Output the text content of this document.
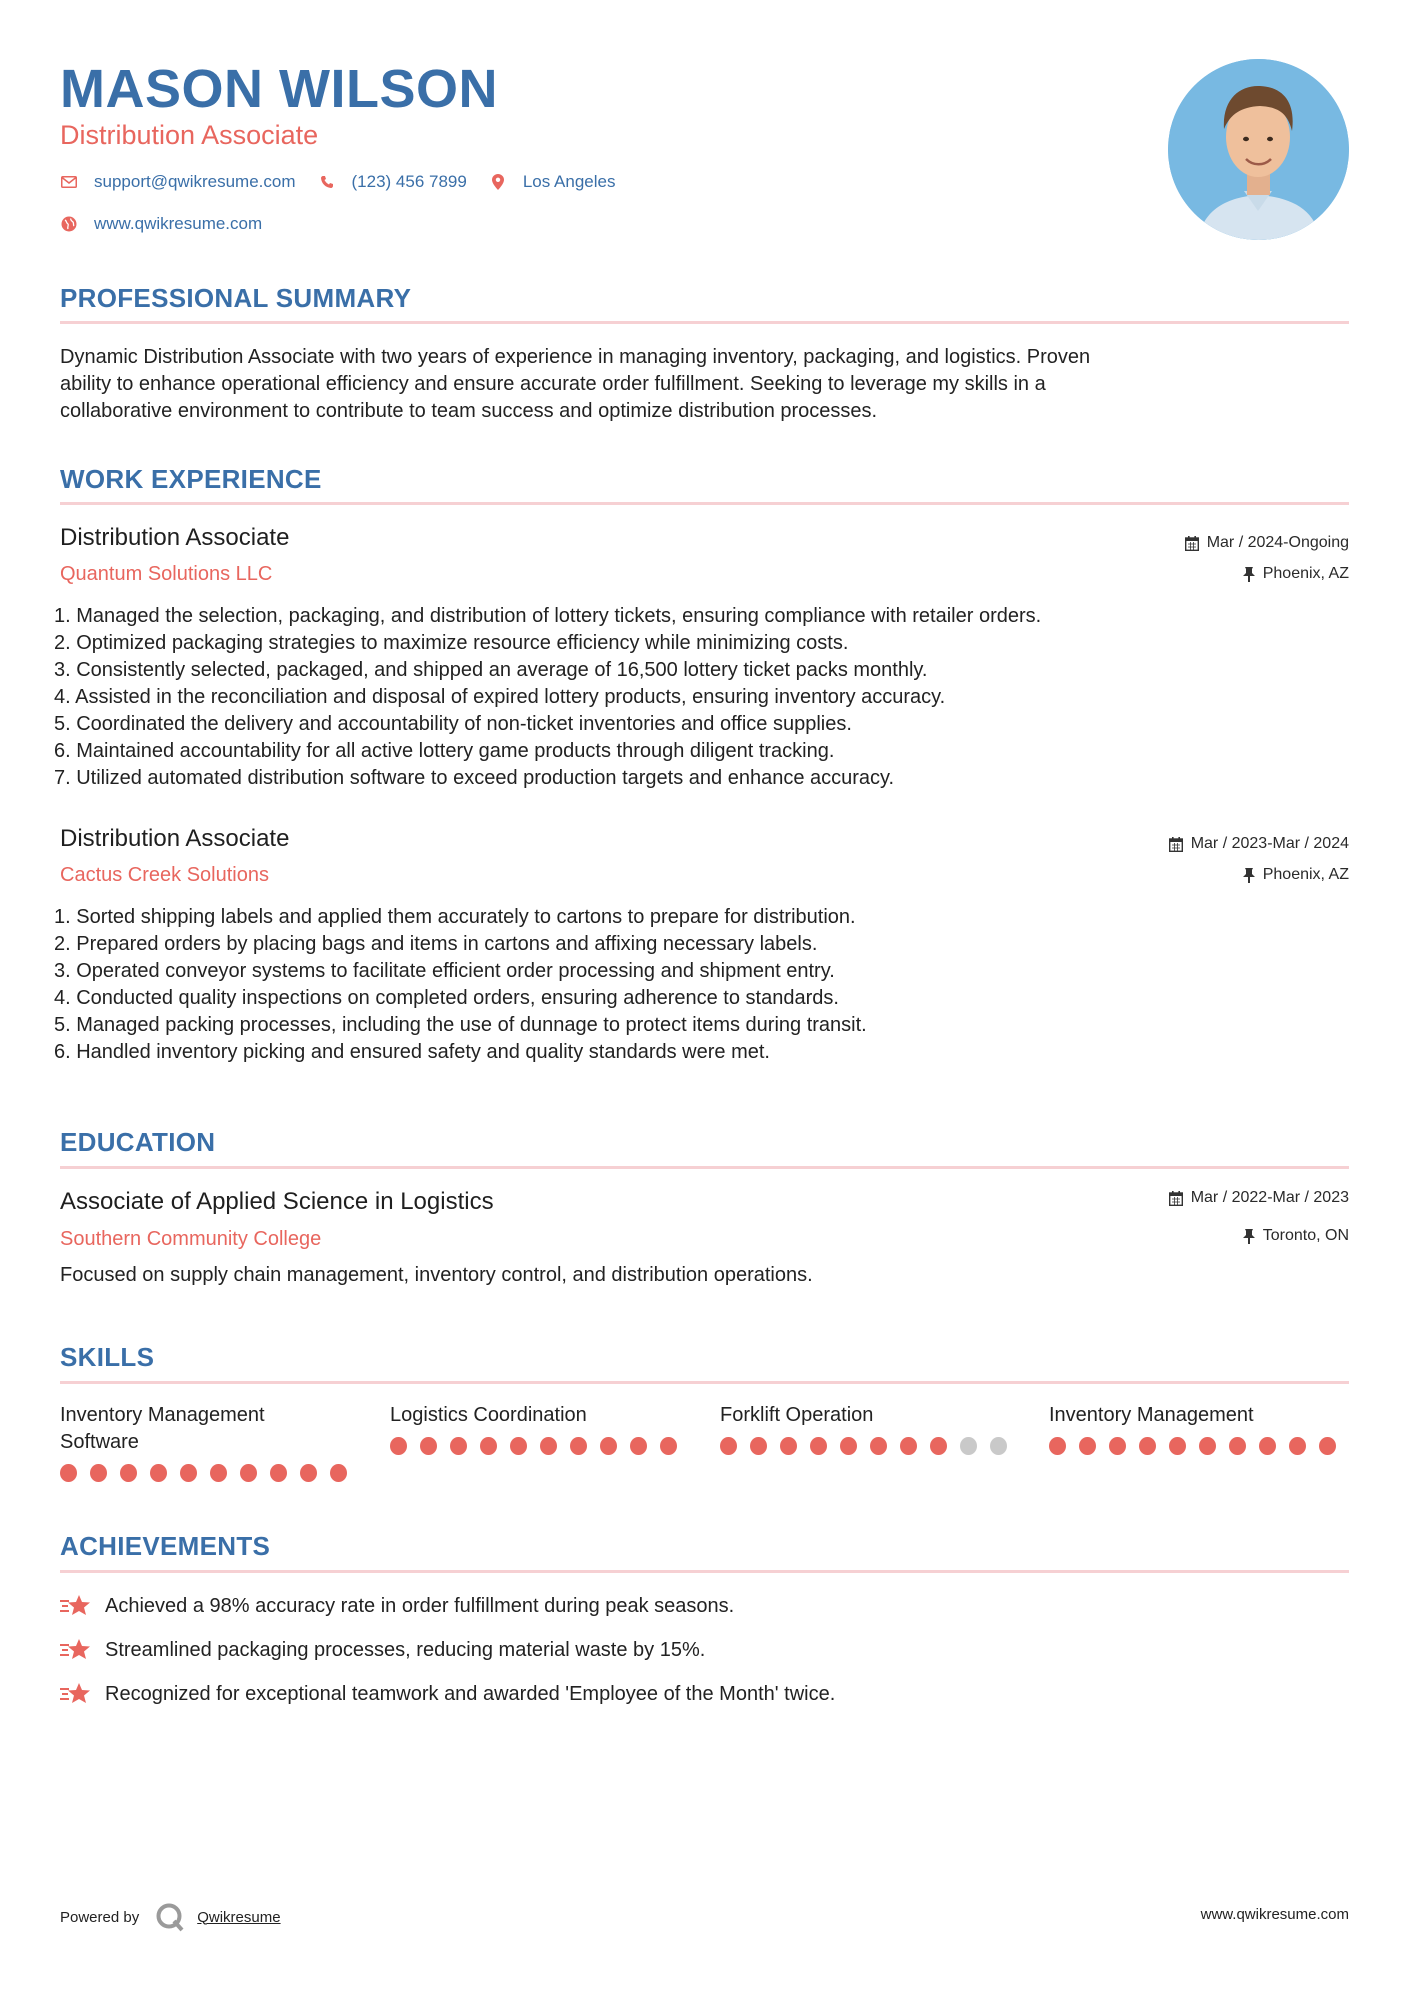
MASON WILSON
Distribution Associate
support@qwikresume.com	(123) 456 7899	Los Angeles
www.qwikresume.com
PROFESSIONAL SUMMARY
Dynamic Distribution Associate with two years of experience in managing inventory, packaging, and logistics. Proven
ability to enhance operational efficiency and ensure accurate order fulfillment. Seeking to leverage my skills in a
collaborative environment to contribute to team success and optimize distribution processes.
WORK EXPERIENCE
Distribution Associate
Quantum Solutions LLC
Mar / 2024-Ongoing
Phoenix, AZ
1. Managed the selection, packaging, and distribution of lottery tickets, ensuring compliance with retailer orders.
2. Optimized packaging strategies to maximize resource efficiency while minimizing costs.
3. Consistently selected, packaged, and shipped an average of 16,500 lottery ticket packs monthly.
4. Assisted in the reconciliation and disposal of expired lottery products, ensuring inventory accuracy.
5. Coordinated the delivery and accountability of non-ticket inventories and office supplies.
6. Maintained accountability for all active lottery game products through diligent tracking.
7. Utilized automated distribution software to exceed production targets and enhance accuracy.
Distribution Associate
Cactus Creek Solutions
Mar / 2023-Mar / 2024
Phoenix, AZ
1. Sorted shipping labels and applied them accurately to cartons to prepare for distribution.
2. Prepared orders by placing bags and items in cartons and affixing necessary labels.
3. Operated conveyor systems to facilitate efficient order processing and shipment entry.
4. Conducted quality inspections on completed orders, ensuring adherence to standards.
5. Managed packing processes, including the use of dunnage to protect items during transit.
6. Handled inventory picking and ensured safety and quality standards were met.
EDUCATION
Associate of Applied Science in Logistics
Southern Community College
Mar / 2022-Mar / 2023
Toronto, ON
Focused on supply chain management, inventory control, and distribution operations.
SKILLS
Inventory Management
Software
Logistics Coordination	Forklift Operation	Inventory Management
ACHIEVEMENTS
Achieved a 98% accuracy rate in order fulfillment during peak seasons.
Streamlined packaging processes, reducing material waste by 15%.
Recognized for exceptional teamwork and awarded 'Employee of the Month' twice.
Powered by	Qwikresume	www.qwikresume.com
